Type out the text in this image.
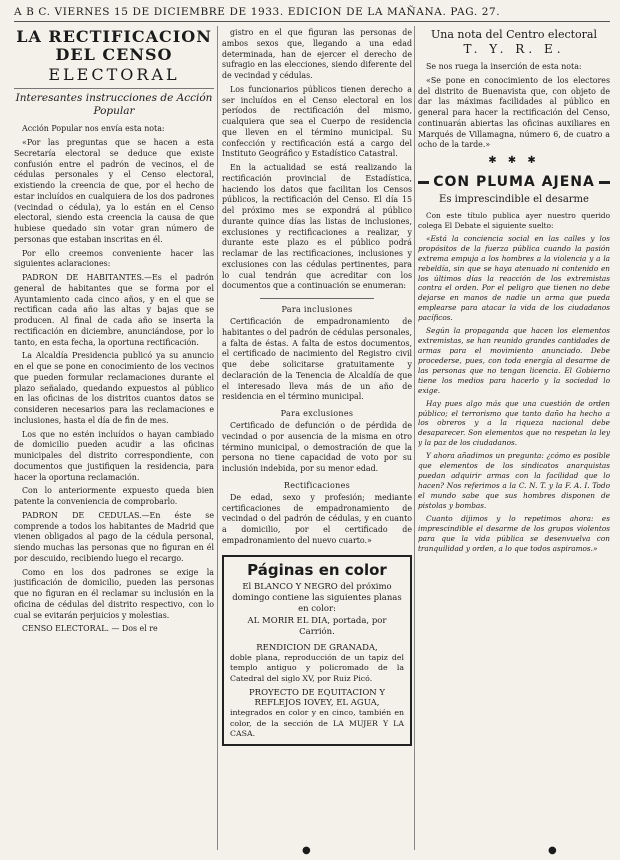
A B C. VIERNES 15 DE DICIEMBRE DE 1933. EDICION DE LA MAÑANA. PAG. 27.
LA RECTIFICACION DEL CENSO
ELECTORAL
Interesantes instrucciones de Acción Popular

Acción Popular nos envía esta nota:

«Por las preguntas que se hacen a esta Secretaría electoral se deduce que existe confusión entre el padrón de vecinos, el de cédulas personales y el Censo electoral, existiendo la creencia de que, por el hecho de estar incluídos en cualquiera de los dos padrones (vecindad o cédula), ya lo están en el Censo electoral, siendo esta creencia la causa de que hubiese quedado sin votar gran número de personas que estaban inscritas en él.

Por ello creemos conveniente hacer las siguientes aclaraciones:

PADRON DE HABITANTES.—Es el padrón general de habitantes que se forma por el Ayuntamiento cada cinco años, y en el que se rectifican cada año las altas y bajas que se producen. Al final de cada año se inserta la rectificación en diciembre, anunciándose, por lo tanto, en esta fecha, la oportuna rectificación.

La Alcaldía Presidencia publicó ya su anuncio en el que se pone en conocimiento de los vecinos que pueden formular reclamaciones durante el plazo señalado, quedando expuestos al público en las oficinas de los distritos cuantos datos se consideren necesarios para las reclamaciones e inclusiones, hasta el día de fin de mes.

Los que no estén incluídos o hayan cambiado de domicilio pueden acudir a las oficinas municipales del distrito correspondiente, con documentos que justifiquen la residencia, para hacer la oportuna reclamación.

Con lo anteriormente expuesto queda bien patente la conveniencia de comprobarlo.

PADRON DE CEDULAS.—En éste se comprende a todos los habitantes de Madrid que vienen obligados al pago de la cédula personal, siendo muchas las personas que no figuran en él por descuido, recibiendo luego el recargo.

Como en los dos padrones se exige la justificación de domicilio, pueden las personas que no figuran en él reclamar su inclusión en la oficina de cédulas del distrito respectivo, con lo cual se evitarán perjuicios y molestias.

CENSO ELECTORAL. — Dos el re

gistro en el que figuran las personas de ambos sexos que, llegando a una edad determinada, han de ejercer el derecho de sufragio en las elecciones, siendo diferente del de vecindad y cédulas.

Los funcionarios públicos tienen derecho a ser incluídos en el Censo electoral en los períodos de rectificación del mismo, cualquiera que sea el Cuerpo de residencia que lleven en el término municipal. Su confección y rectificación está a cargo del Instituto Geográfico y Estadístico Catastral.

En la actualidad se está realizando la rectificación provincial de Estadística, haciendo los datos que facilitan los Censos públicos, la rectificación del Censo. El día 15 del próximo mes se expondrá al público durante quince días las listas de inclusiones, exclusiones y rectificaciones a realizar, y durante este plazo es el público podrá reclamar de las rectificaciones, inclusiones y exclusiones con las cédulas pertinentes, para lo cual tendrán que acreditar con los documentos que a continuación se enumeran:

Para inclusiones

Certificación de empadronamiento de habitantes o del padrón de cédulas personales, a falta de éstas. A falta de estos documentos, el certificado de nacimiento del Registro civil que debe solicitarse gratuitamente y declaración de la Tenencia de Alcaldía de que el interesado lleva más de un año de residencia en el término municipal.

Para exclusiones

Certificado de defunción o de pérdida de vecindad o por ausencia de la misma en otro término municipal, o demostración de que la persona no tiene capacidad de voto por su inclusión indebida, por su menor edad.

Rectificaciones

De edad, sexo y profesión; mediante certificaciones de empadronamiento de vecindad o del padrón de cédulas, y en cuanto a domicilio, por el certificado de empadronamiento del nuevo cuarto.»

Páginas en color
El BLANCO Y NEGRO del próximo domingo contiene las siguientes planas en color:
AL MORIR EL DIA, portada, por Carrión.
RENDICION DE GRANADA,
doble plana, reproducción de un tapiz del templo antiguo y policromado de la Catedral del siglo XV, por Ruiz Picó.
PROYECTO DE EQUITACION Y REFLEJOS IOVEY, EL AGUA,
integrados en color y en cinco, también en color, de la sección de LA MUJER Y LA CASA.
Una nota del Centro electoral
T. Y. R. E.

Se nos ruega la inserción de esta nota:

«Se pone en conocimiento de los electores del distrito de Buenavista que, con objeto de dar las máximas facilidades al público en general para hacer la rectificación del Censo, continuarán abiertas las oficinas auxiliares en Marqués de Villamagna, número 6, de cuatro a ocho de la tarde.»

✱ ✱ ✱
CON PLUMA AJENA
Es imprescindible el desarme

Con este título publica ayer nuestro querido colega El Debate el siguiente suelto:

«Está la conciencia social en las calles y los propósitos de la fuerza pública cuando la pasión extrema empuja a los hombres a la violencia y a la rebeldía, sin que se haya atenuado ni contenido en los últimos días la reacción de los extremistas contra el orden. Por el peligro que tienen no debe dejarse en manos de nadie un arma que pueda emplearse para atacar la vida de los ciudadanos pacíficos.

Según la propaganda que hacen los elementos extremistas, se han reunido grandes cantidades de armas para el movimiento anunciado. Debe procederse, pues, con toda energía al desarme de las personas que no tengan licencia. El Gobierno tiene los medios para hacerlo y la sociedad lo exige.

Hay pues algo más que una cuestión de orden público; el terrorismo que tanto daño ha hecho a los obreros y a la riqueza nacional debe desaparecer. Son elementos que no respetan la ley y la paz de los ciudadanos.

Y ahora añadimos un pregunta: ¿cómo es posible que elementos de los sindicatos anarquistas puedan adquirir armas con la facilidad que lo hacen? Nos referimos a la C. N. T. y la F. A. I. Todo el mundo sabe que sus hombres disponen de pistolas y bombas.

Cuanto dijimos y lo repetimos ahora: es imprescindible el desarme de los grupos violentos para que la vida pública se desenvuelva con tranquilidad y orden, a lo que todos aspiramos.»

●	●
